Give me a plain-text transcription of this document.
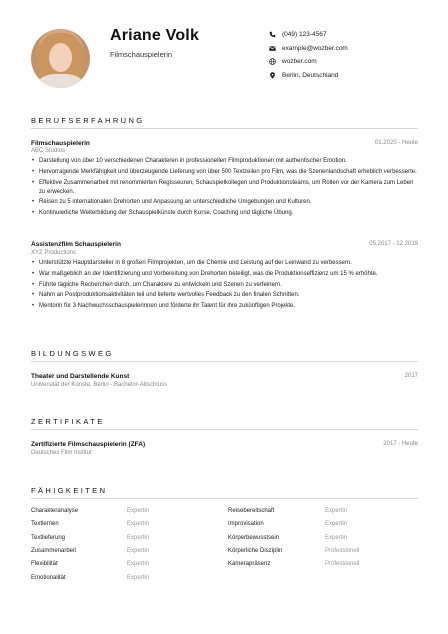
Ariane Volk
Filmschauspielerin
(049) 123-4567
example@wozber.com
wozber.com
Berlin, Deutschland
BERUFSERFAHRUNG
Filmschauspielerin	01.2020 - Heute
ABC Studios
• Darstellung von über 10 verschiedenen Charakteren in professionellen Filmproduktionen mit authentischer Emotion.
• Hervorragende Merkfähigkeit und überzeugende Lieferung von über 500 Textzeilen pro Film, was die Szenenlandschaft erheblich verbesserte.
• Effektive Zusammenarbeit mit renommierten Regisseuren, Schauspielkollegen und Produktionsteams, um Rollen vor der Kamera zum Leben zu erwecken.
• Reisen zu 5 internationalen Drehorten und Anpassung an unterschiedliche Umgebungen und Kulturen.
• Kontinuierliche Weiterbildung der Schauspielkünste durch Kurse, Coaching und tägliche Übung.
Assistenzfilm Schauspielerin	05.2017 - 12.2019
XYZ Productions
• Unterstützte Hauptdarsteller in 8 großen Filmprojekten, um die Chemie und Leistung auf der Leinwand zu verbessern.
• War maßgeblich an der Identifizierung und Vorbereitung von Drehorten beteiligt, was die Produktionseffizienz um 15 % erhöhte.
• Führte tägliche Recherchen durch, um Charaktere zu entwickeln und Szenen zu verfeinern.
• Nahm an Postproduktionsaktivitäten teil und lieferte wertvolles Feedback zu den finalen Schnitten.
• Mentorin für 3 Nachwuchsschauspielerinnen und förderte ihr Talent für ihre zukünftigen Projekte.
BILDUNGSWEG
Theater und Darstellende Kunst	2017
Universität der Künste, Berlin - Bachelor-Abschluss
ZERTIFIKATE
Zertifizierte Filmschauspielerin (ZFA)	2017 - Heute
Deutsches Film Institut
FÄHIGKEITEN
Charakteranalyse	Expertin
Textlernen	Expertin
Textlieferung	Expertin
Zusammenarbeit	Expertin
Flexibilität	Expertin
Emotionalität	Expertin
Reisebereitschaft	Expertin
Improvisation	Expertin
Körperbewusstsein	Expertin
Körperliche Disziplin	Professionell
Kamerapräsenz	Professionell
